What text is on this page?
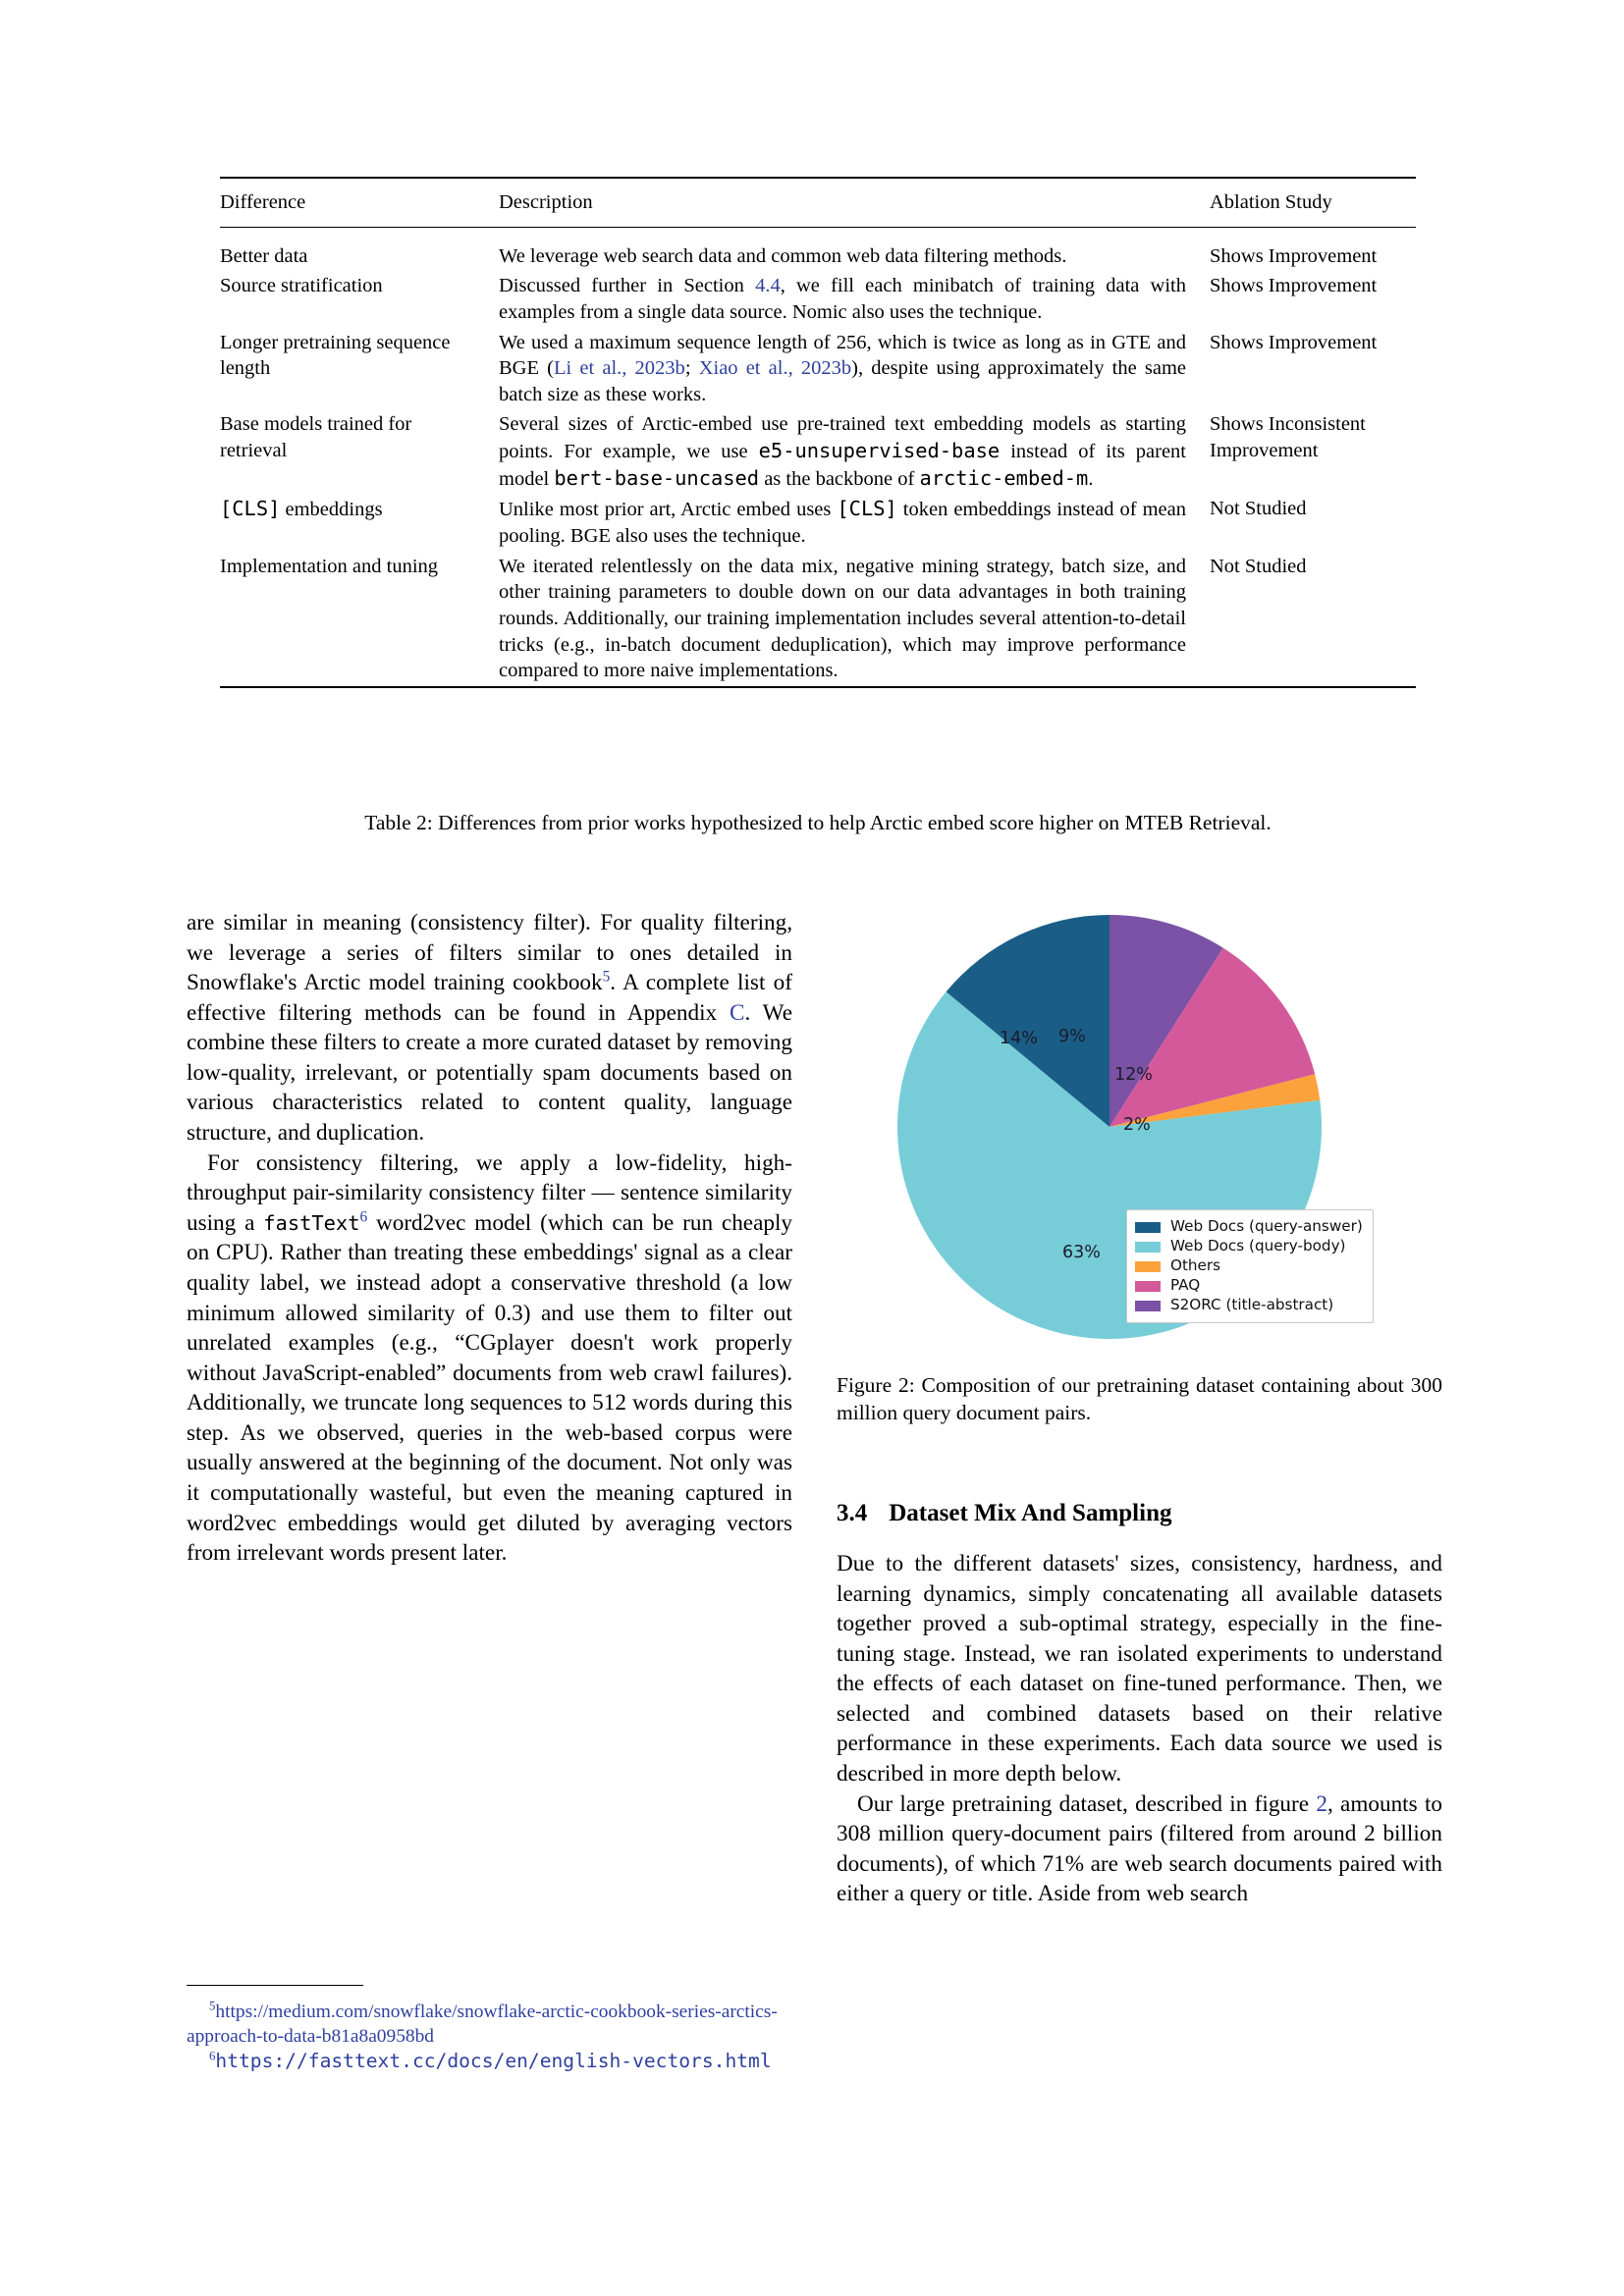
Difference	Description	Ablation Study

Better data	We leverage web search data and common web data filtering methods.	Shows Improvement
Source stratification	Discussed further in Section 4.4, we fill each minibatch of training data with examples from a single data source. Nomic also uses the technique.	Shows Improvement
Longer pretraining sequence length	We used a maximum sequence length of 256, which is twice as long as in GTE and BGE (Li et al., 2023b; Xiao et al., 2023b), despite using approximately the same batch size as these works.	Shows Improvement
Base models trained for retrieval	Several sizes of Arctic-embed use pre-trained text embedding models as starting points. For example, we use e5-unsupervised-base instead of its parent model bert-base-uncased as the backbone of arctic-embed-m.	Shows Inconsistent Improvement
[CLS] embeddings	Unlike most prior art, Arctic embed uses [CLS] token embeddings instead of mean pooling. BGE also uses the technique.	Not Studied
Implementation and tuning	We iterated relentlessly on the data mix, negative mining strategy, batch size, and other training parameters to double down on our data advantages in both training rounds. Additionally, our training implementation includes several attention-to-detail tricks (e.g., in-batch document deduplication), which may improve performance compared to more naive implementations.	Not Studied

Table 2: Differences from prior works hypothesized to help Arctic embed score higher on MTEB Retrieval.

are similar in meaning (consistency filter). For quality filtering, we leverage a series of filters similar to ones detailed in Snowflake's Arctic model training cookbook$^5$. A complete list of effective filtering methods can be found in Appendix C. We combine these filters to create a more curated dataset by removing low-quality, irrelevant, or potentially spam documents based on various characteristics related to content quality, language structure, and duplication.

For consistency filtering, we apply a low-fidelity, high-throughput pair-similarity consistency filter — sentence similarity using a fastText$^6$ word2vec model (which can be run cheaply on CPU). Rather than treating these embeddings' signal as a clear quality label, we instead adopt a conservative threshold (a low minimum allowed similarity of 0.3) and use them to filter out unrelated examples (e.g., “CGplayer doesn't work properly without JavaScript-enabled” documents from web crawl failures). Additionally, we truncate long sequences to 512 words during this step. As we observed, queries in the web-based corpus were usually answered at the beginning of the document. Not only was it computationally wasteful, but even the meaning captured in word2vec embeddings would get diluted by averaging vectors from irrelevant words present later.

$^5$https://medium.com/snowflake/snowflake-arctic-cookbook-series-arctics-approach-to-data-b81a8a0958bd

$^6$https://fasttext.cc/docs/en/english-vectors.html

9%
12%
2%
63%
14%
Web Docs (query-answer)
Web Docs (query-body)
Others
PAQ
S2ORC (title-abstract)
Figure 2: Composition of our pretraining dataset containing about 300 million query document pairs.
3.4 Dataset Mix And Sampling

Due to the different datasets' sizes, consistency, hardness, and learning dynamics, simply concatenating all available datasets together proved a sub-optimal strategy, especially in the fine-tuning stage. Instead, we ran isolated experiments to understand the effects of each dataset on fine-tuned performance. Then, we selected and combined datasets based on their relative performance in these experiments. Each data source we used is described in more depth below.

Our large pretraining dataset, described in figure 2, amounts to 308 million query-document pairs (filtered from around 2 billion documents), of which 71% are web search documents paired with either a query or title. Aside from web search
